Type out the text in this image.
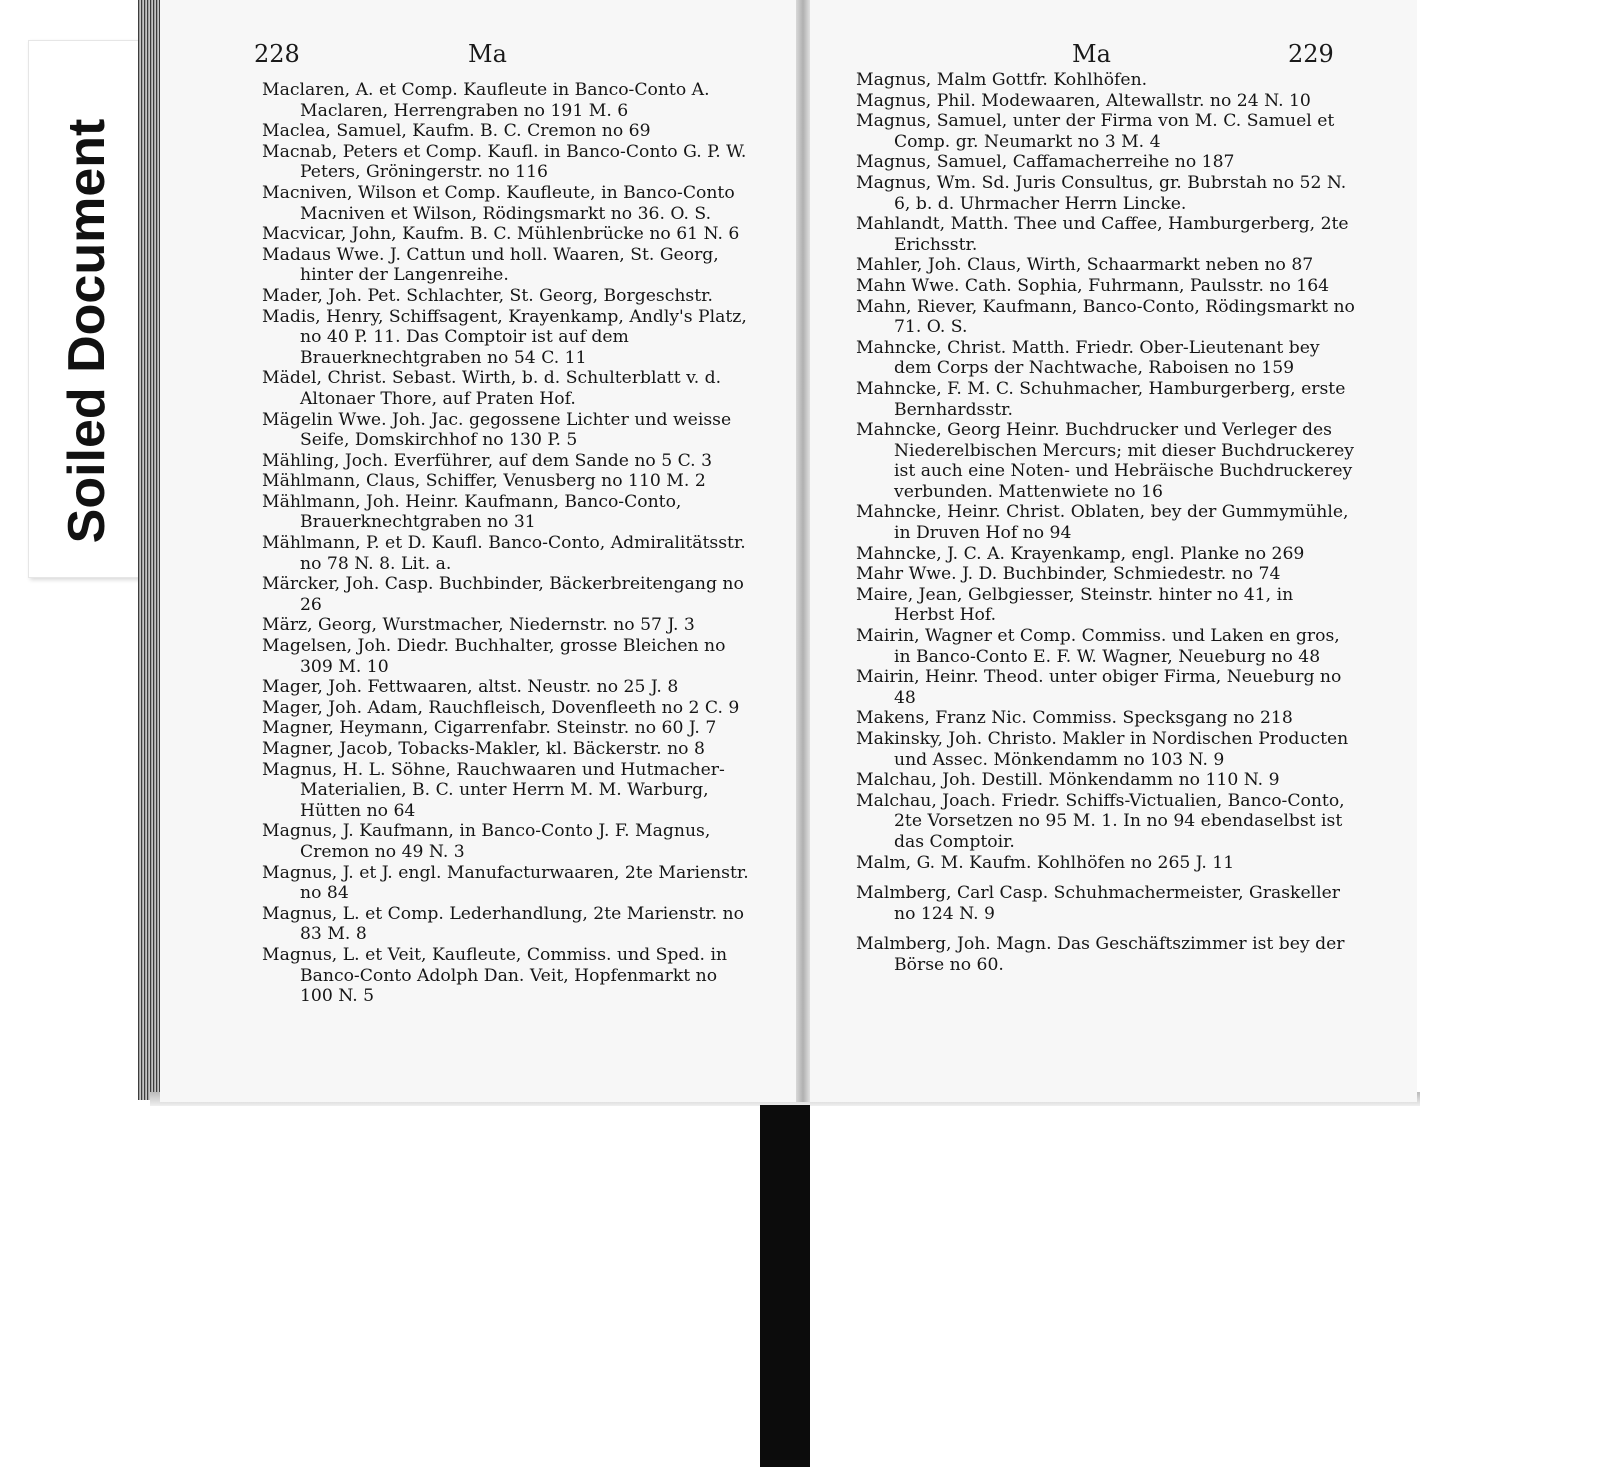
Soiled Document
228	Ma	Ma	229

Maclaren, A. et Comp. Kaufleute in Banco-Conto A. Maclaren, Herrengraben no 191 M. 6

Maclea, Samuel, Kaufm. B. C. Cremon no 69

Macnab, Peters et Comp. Kaufl. in Banco-Conto G. P. W. Peters, Gröningerstr. no 116

Macniven, Wilson et Comp. Kaufleute, in Banco-Conto Macniven et Wilson, Rödingsmarkt no 36. O. S.

Macvicar, John, Kaufm. B. C. Mühlenbrücke no 61 N. 6

Madaus Wwe. J. Cattun und holl. Waaren, St. Georg, hinter der Langenreihe.

Mader, Joh. Pet. Schlachter, St. Georg, Borgeschstr.

Madis, Henry, Schiffsagent, Krayenkamp, Andly's Platz, no 40 P. 11. Das Comptoir ist auf dem Brauerknechtgraben no 54 C. 11

Mädel, Christ. Sebast. Wirth, b. d. Schulterblatt v. d. Altonaer Thore, auf Praten Hof.

Mägelin Wwe. Joh. Jac. gegossene Lichter und weisse Seife, Domskirchhof no 130 P. 5

Mähling, Joch. Everführer, auf dem Sande no 5 C. 3

Mählmann, Claus, Schiffer, Venusberg no 110 M. 2

Mählmann, Joh. Heinr. Kaufmann, Banco-Conto, Brauerknechtgraben no 31

Mählmann, P. et D. Kaufl. Banco-Conto, Admiralitätsstr. no 78 N. 8. Lit. a.

Märcker, Joh. Casp. Buchbinder, Bäckerbreitengang no 26

März, Georg, Wurstmacher, Niedernstr. no 57 J. 3

Magelsen, Joh. Diedr. Buchhalter, grosse Bleichen no 309 M. 10

Mager, Joh. Fettwaaren, altst. Neustr. no 25 J. 8

Mager, Joh. Adam, Rauchfleisch, Dovenfleeth no 2 C. 9

Magner, Heymann, Cigarrenfabr. Steinstr. no 60 J. 7

Magner, Jacob, Tobacks-Makler, kl. Bäckerstr. no 8

Magnus, H. L. Söhne, Rauchwaaren und Hutmacher-Materialien, B. C. unter Herrn M. M. Warburg, Hütten no 64

Magnus, J. Kaufmann, in Banco-Conto J. F. Magnus, Cremon no 49 N. 3

Magnus, J. et J. engl. Manufacturwaaren, 2te Marienstr. no 84

Magnus, L. et Comp. Lederhandlung, 2te Marienstr. no 83 M. 8

Magnus, L. et Veit, Kaufleute, Commiss. und Sped. in Banco-Conto Adolph Dan. Veit, Hopfenmarkt no 100 N. 5

Magnus, Malm Gottfr. Kohlhöfen.

Magnus, Phil. Modewaaren, Altewallstr. no 24 N. 10

Magnus, Samuel, unter der Firma von M. C. Samuel et Comp. gr. Neumarkt no 3 M. 4

Magnus, Samuel, Caffamacherreihe no 187

Magnus, Wm. Sd. Juris Consultus, gr. Bubrstah no 52 N. 6, b. d. Uhrmacher Herrn Lincke.

Mahlandt, Matth. Thee und Caffee, Hamburgerberg, 2te Erichsstr.

Mahler, Joh. Claus, Wirth, Schaarmarkt neben no 87

Mahn Wwe. Cath. Sophia, Fuhrmann, Paulsstr. no 164

Mahn, Riever, Kaufmann, Banco-Conto, Rödingsmarkt no 71. O. S.

Mahncke, Christ. Matth. Friedr. Ober-Lieutenant bey dem Corps der Nachtwache, Raboisen no 159

Mahncke, F. M. C. Schuhmacher, Hamburgerberg, erste Bernhardsstr.

Mahncke, Georg Heinr. Buchdrucker und Verleger des Niederelbischen Mercurs; mit dieser Buchdruckerey ist auch eine Noten- und Hebräische Buchdruckerey verbunden. Mattenwiete no 16

Mahncke, Heinr. Christ. Oblaten, bey der Gummymühle, in Druven Hof no 94

Mahncke, J. C. A. Krayenkamp, engl. Planke no 269

Mahr Wwe. J. D. Buchbinder, Schmiedestr. no 74

Maire, Jean, Gelbgiesser, Steinstr. hinter no 41, in Herbst Hof.

Mairin, Wagner et Comp. Commiss. und Laken en gros, in Banco-Conto E. F. W. Wagner, Neueburg no 48

Mairin, Heinr. Theod. unter obiger Firma, Neueburg no 48

Makens, Franz Nic. Commiss. Specksgang no 218

Makinsky, Joh. Christo. Makler in Nordischen Producten und Assec. Mönkendamm no 103 N. 9

Malchau, Joh. Destill. Mönkendamm no 110 N. 9

Malchau, Joach. Friedr. Schiffs-Victualien, Banco-Conto, 2te Vorsetzen no 95 M. 1. In no 94 ebendaselbst ist das Comptoir.

Malm, G. M. Kaufm. Kohlhöfen no 265 J. 11

Malmberg, Carl Casp. Schuhmachermeister, Graskeller no 124 N. 9

Malmberg, Joh. Magn. Das Geschäftszimmer ist bey der Börse no 60.
